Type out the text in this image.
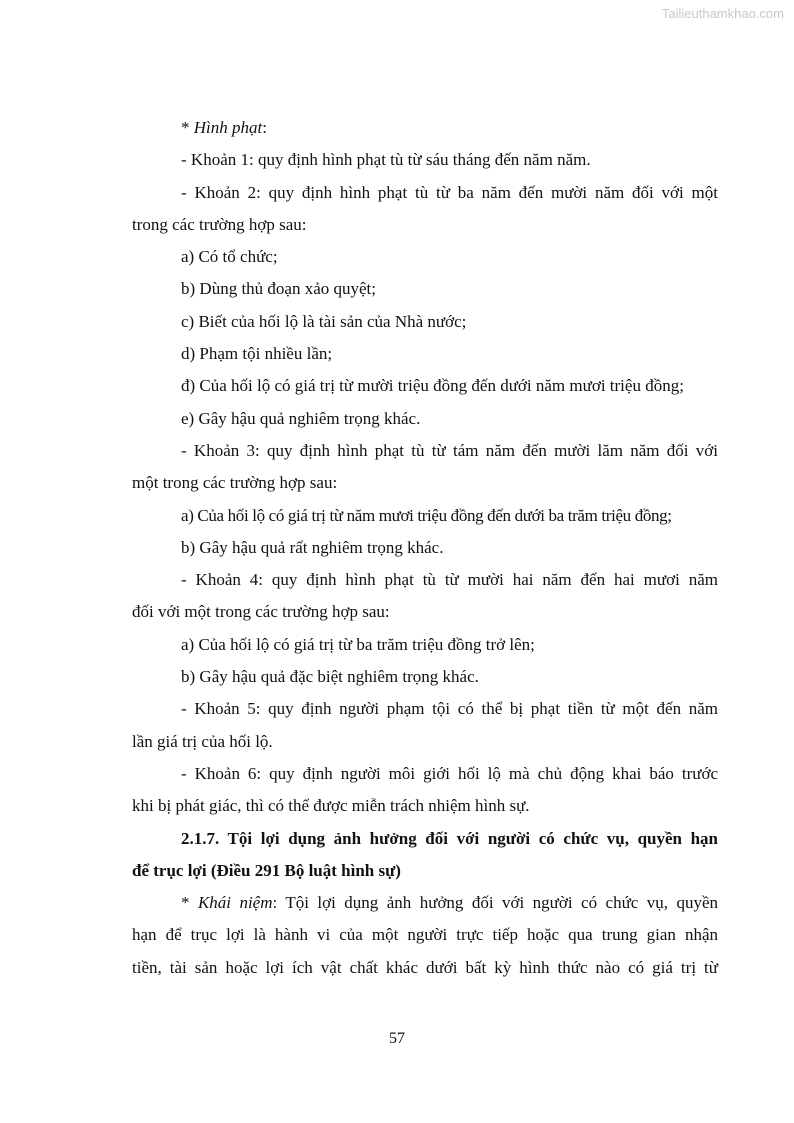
Tailieuthamkhao.com
* Hình phạt:
- Khoản 1: quy định hình phạt tù từ sáu tháng đến năm năm.
- Khoản 2: quy định hình phạt tù từ ba năm đến mười năm đối với một
trong các trường hợp sau:
a) Có tổ chức;
b) Dùng thủ đoạn xảo quyệt;
c) Biết của hối lộ là tài sản của Nhà nước;
d) Phạm tội nhiều lần;
đ) Của hối lộ có giá trị từ mười triệu đồng đến dưới năm mươi triệu đồng;
e) Gây hậu quả nghiêm trọng khác.
- Khoản 3: quy định hình phạt tù từ tám năm đến mười lăm năm đối với
một trong các trường hợp sau:
a) Của hối lộ có giá trị từ năm mươi triệu đồng đến dưới ba trăm triệu đồng;
b) Gây hậu quả rất nghiêm trọng khác.
- Khoản 4: quy định hình phạt tù từ mười hai năm đến hai mươi năm
đối với một trong các trường hợp sau:
a) Của hối lộ có giá trị từ ba trăm triệu đồng trở lên;
b) Gây hậu quả đặc biệt nghiêm trọng khác.
- Khoản 5: quy định người phạm tội có thể bị phạt tiền từ một đến năm
lần giá trị của hối lộ.
- Khoản 6: quy định người môi giới hối lộ mà chủ động khai báo trước
khi bị phát giác, thì có thể được miễn trách nhiệm hình sự.
2.1.7. Tội lợi dụng ảnh hưởng đối với người có chức vụ, quyền hạn
để trục lợi (Điều 291 Bộ luật hình sự)
* Khái niệm: Tội lợi dụng ảnh hưởng đối với người có chức vụ, quyền
hạn để trục lợi là hành vi của một người trực tiếp hoặc qua trung gian nhận
tiền, tài sản hoặc lợi ích vật chất khác dưới bất kỳ hình thức nào có giá trị từ
57
